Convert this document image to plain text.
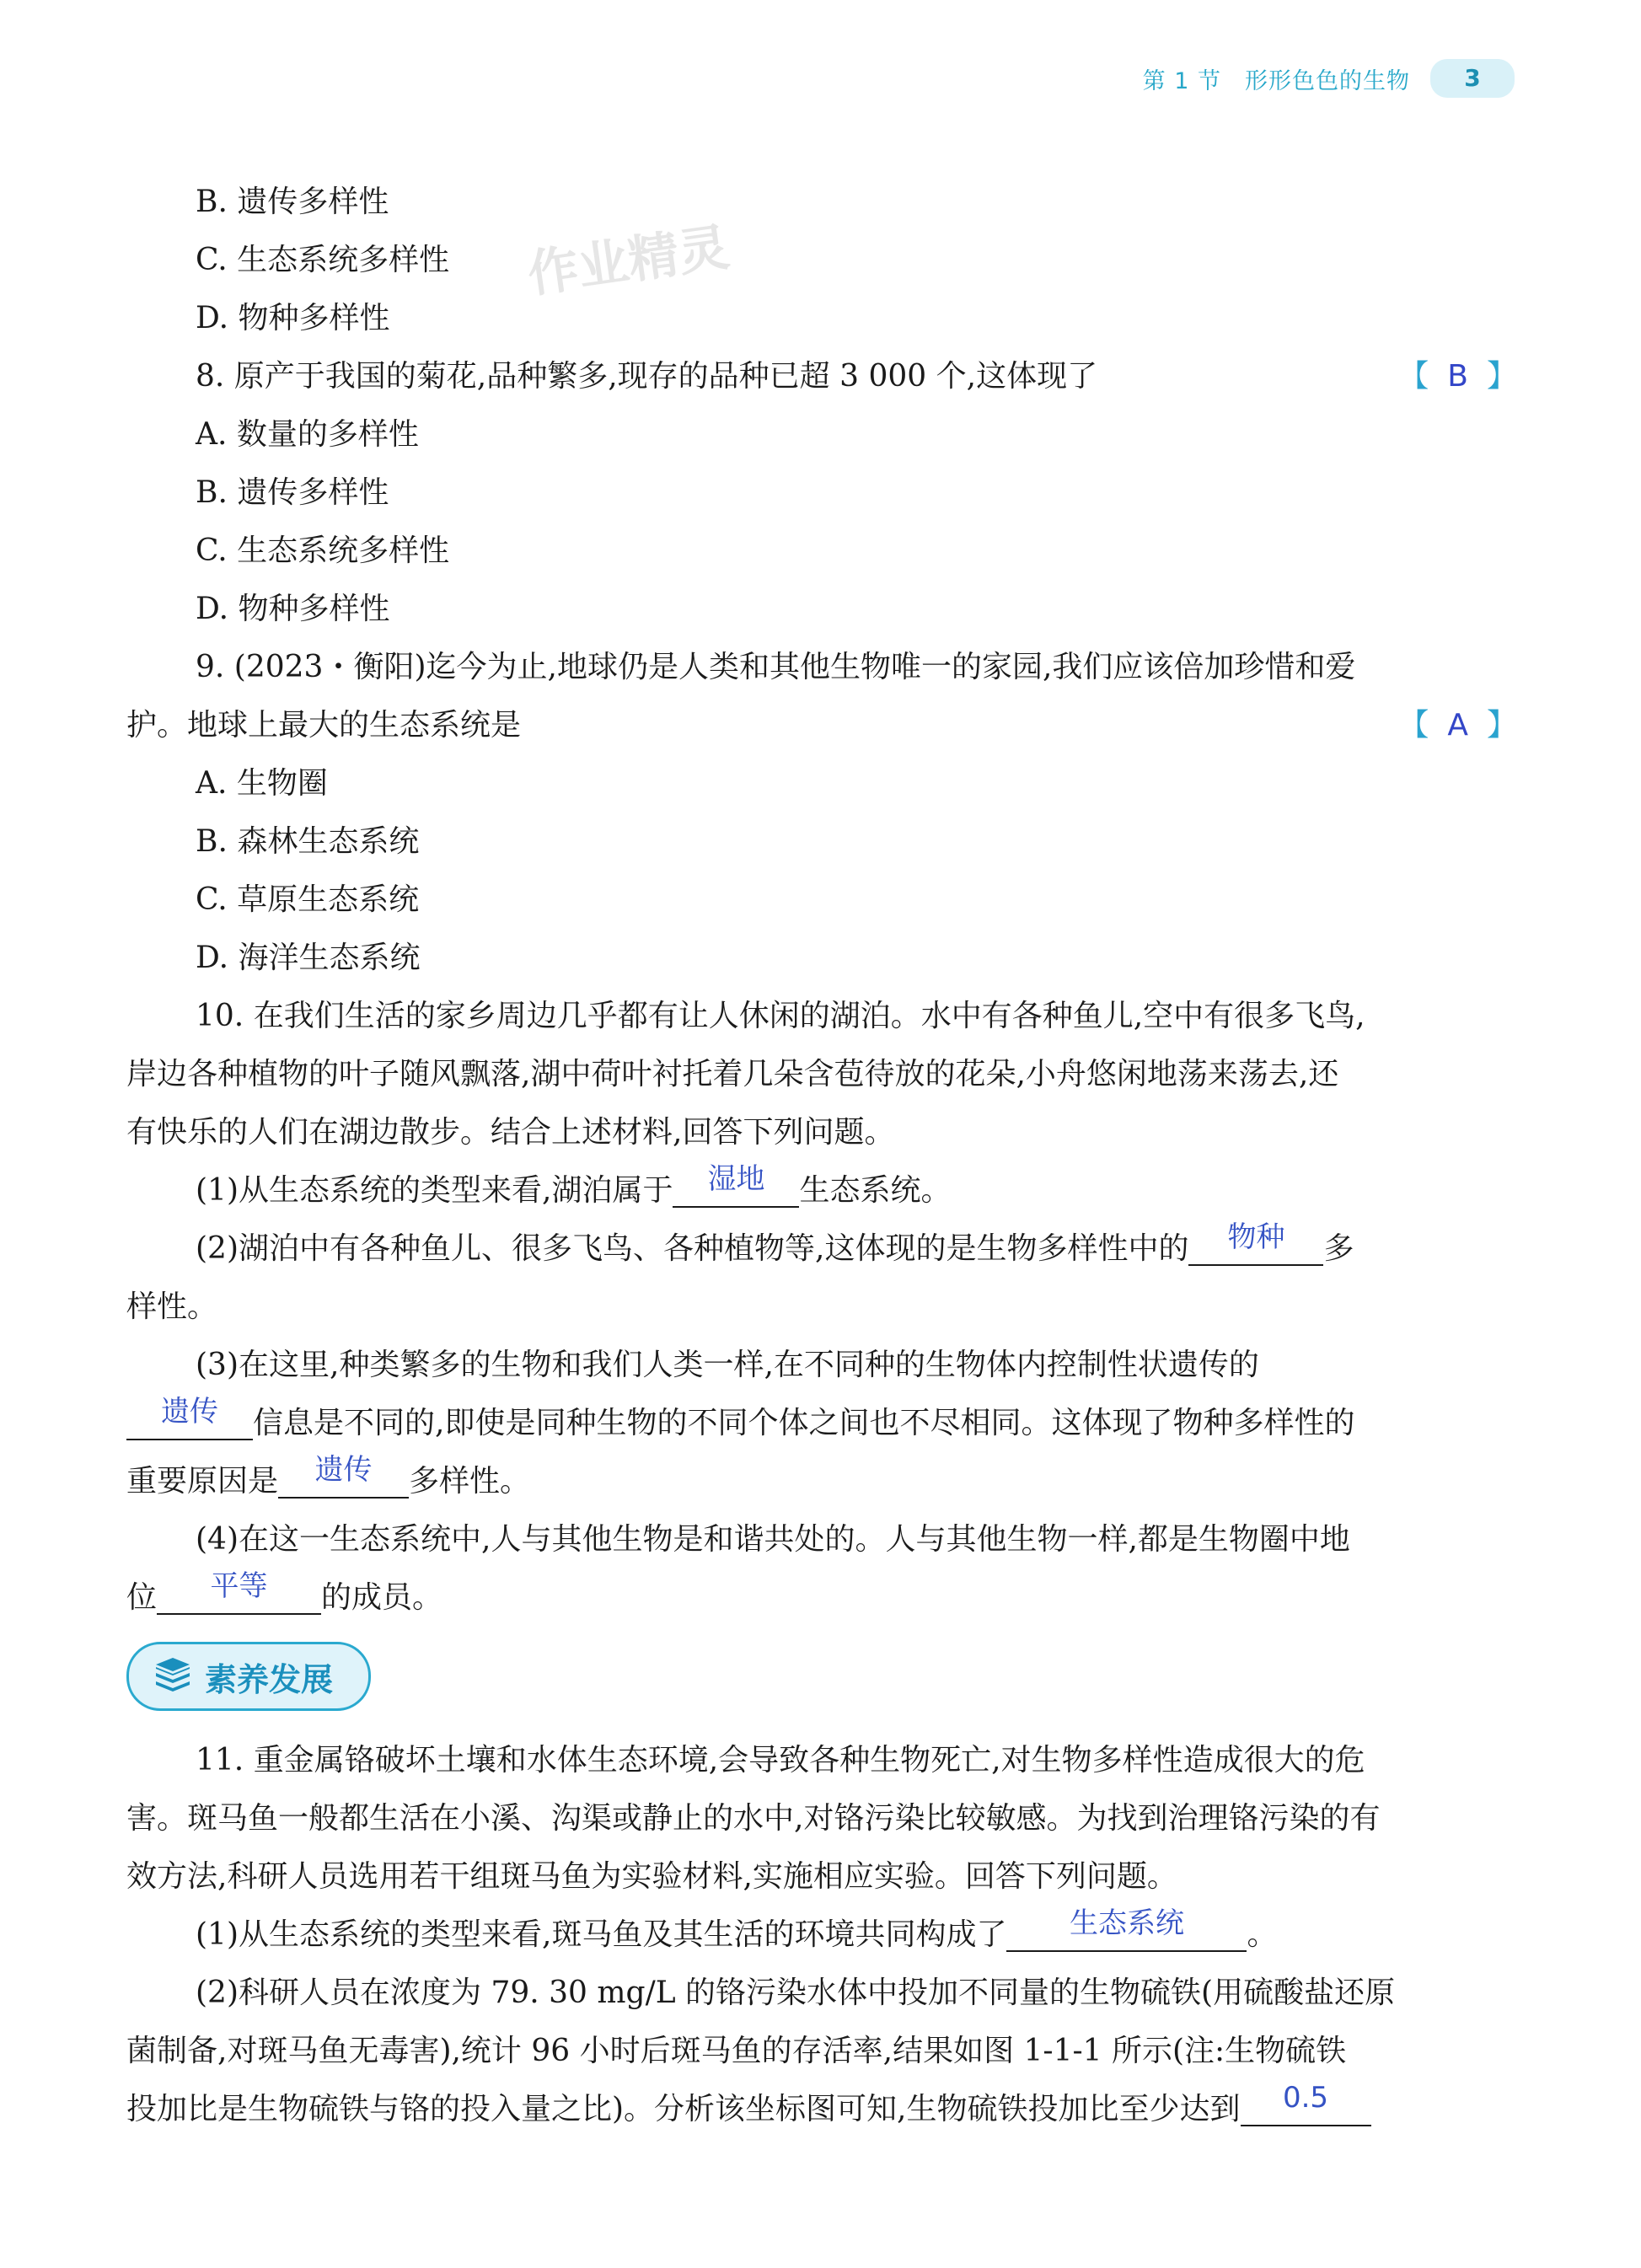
第 1 节　形形色色的生物	3
作业精灵
B. 遗传多样性
C. 生态系统多样性
D. 物种多样性
8. 原产于我国的菊花,品种繁多,现存的品种已超 3 000 个,这体现了	【 B 】
A. 数量的多样性
B. 遗传多样性
C. 生态系统多样性
D. 物种多样性
9. (2023・衡阳)迄今为止,地球仍是人类和其他生物唯一的家园,我们应该倍加珍惜和爱
护。地球上最大的生态系统是	【 A 】
A. 生物圈
B. 森林生态系统
C. 草原生态系统
D. 海洋生态系统
10. 在我们生活的家乡周边几乎都有让人休闲的湖泊。水中有各种鱼儿,空中有很多飞鸟,
岸边各种植物的叶子随风飘落,湖中荷叶衬托着几朵含苞待放的花朵,小舟悠闲地荡来荡去,还
有快乐的人们在湖边散步。结合上述材料,回答下列问题。
(1)从生态系统的类型来看,湖泊属于 湿地 生态系统。
(2)湖泊中有各种鱼儿、很多飞鸟、各种植物等,这体现的是生物多样性中的 物种 多
样性。
(3)在这里,种类繁多的生物和我们人类一样,在不同种的生物体内控制性状遗传的
遗传 信息是不同的,即使是同种生物的不同个体之间也不尽相同。这体现了物种多样性的
重要原因是 遗传 多样性。
(4)在这一生态系统中,人与其他生物是和谐共处的。人与其他生物一样,都是生物圈中地
位 平等 的成员。
素养发展
11. 重金属铬破坏土壤和水体生态环境,会导致各种生物死亡,对生物多样性造成很大的危
害。斑马鱼一般都生活在小溪、沟渠或静止的水中,对铬污染比较敏感。为找到治理铬污染的有
效方法,科研人员选用若干组斑马鱼为实验材料,实施相应实验。回答下列问题。
(1)从生态系统的类型来看,斑马鱼及其生活的环境共同构成了 生态系统 。
(2)科研人员在浓度为 79. 30 mg/L 的铬污染水体中投加不同量的生物硫铁(用硫酸盐还原
菌制备,对斑马鱼无毒害),统计 96 小时后斑马鱼的存活率,结果如图 1-1-1 所示(注:生物硫铁
投加比是生物硫铁与铬的投入量之比)。分析该坐标图可知,生物硫铁投加比至少达到 0.5
